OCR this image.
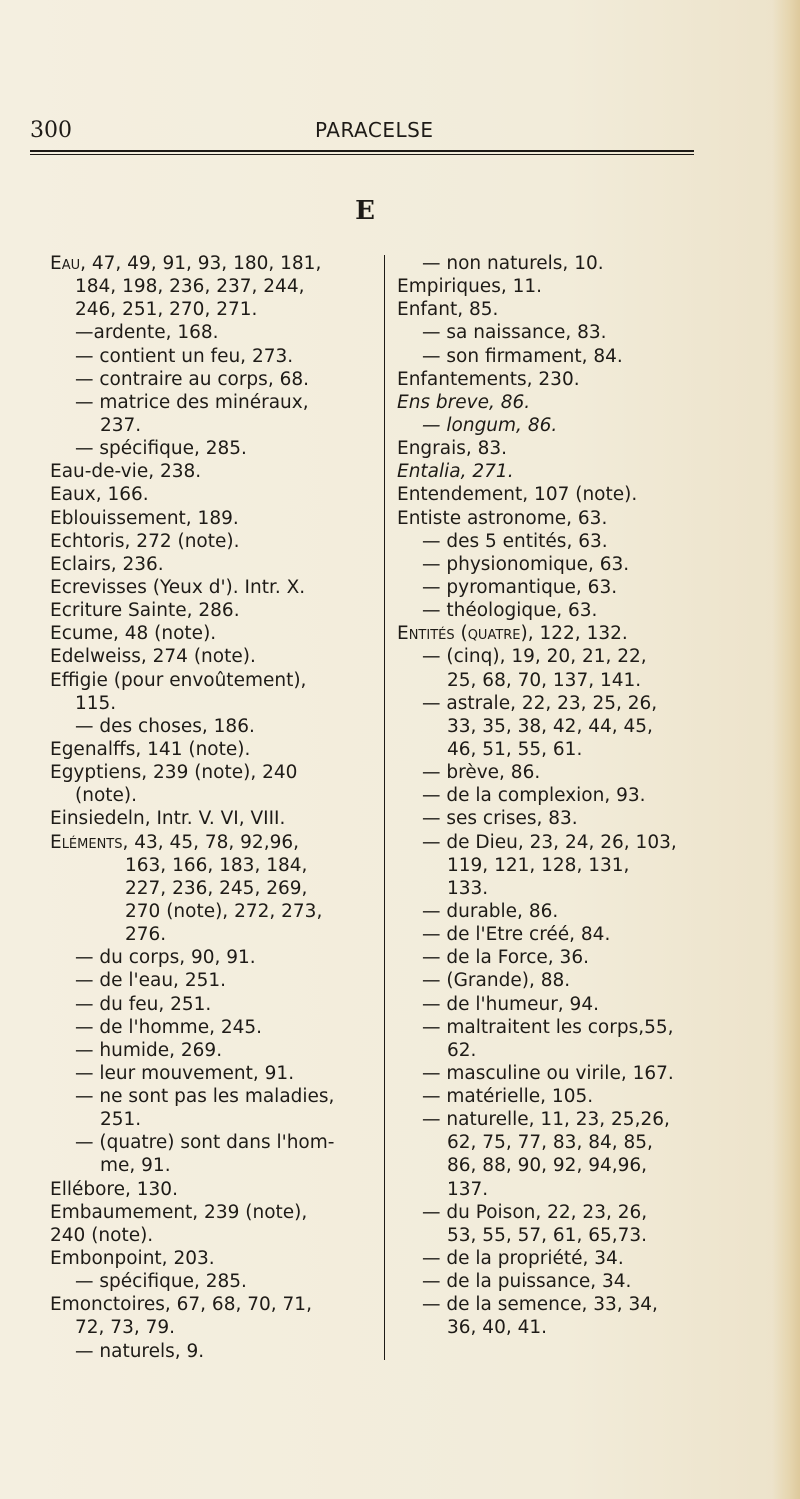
300	PARACELSE
E
Eau, 47, 49, 91, 93, 180, 181,
184, 198, 236, 237, 244,
246, 251, 270, 271.
—ardente, 168.
— contient un feu, 273.
— contraire au corps, 68.
— matrice des minéraux,
237.
— spécifique, 285.
Eau-de-vie, 238.
Eaux, 166.
Eblouissement, 189.
Echtoris, 272 (note).
Eclairs, 236.
Ecrevisses (Yeux d'). Intr. X.
Ecriture Sainte, 286.
Ecume, 48 (note).
Edelweiss, 274 (note).
Effigie (pour envoûtement),
115.
— des choses, 186.
Egenalffs, 141 (note).
Egyptiens, 239 (note), 240
(note).
Einsiedeln, Intr. V. VI, VIII.
Eléments, 43, 45, 78, 92,96,
163, 166, 183, 184,
227, 236, 245, 269,
270 (note), 272, 273,
276.
— du corps, 90, 91.
— de l'eau, 251.
— du feu, 251.
— de l'homme, 245.
— humide, 269.
— leur mouvement, 91.
— ne sont pas les maladies,
251.
— (quatre) sont dans l'hom-
me, 91.
Ellébore, 130.
Embaumement, 239 (note),
240 (note).
Embonpoint, 203.
— spécifique, 285.
Emonctoires, 67, 68, 70, 71,
72, 73, 79.
— naturels, 9.
— non naturels, 10.
Empiriques, 11.
Enfant, 85.
— sa naissance, 83.
— son firmament, 84.
Enfantements, 230.
Ens breve, 86.
— longum, 86.
Engrais, 83.
Entalia, 271.
Entendement, 107 (note).
Entiste astronome, 63.
— des 5 entités, 63.
— physionomique, 63.
— pyromantique, 63.
— théologique, 63.
Entités (quatre), 122, 132.
— (cinq), 19, 20, 21, 22,
25, 68, 70, 137, 141.
— astrale, 22, 23, 25, 26,
33, 35, 38, 42, 44, 45,
46, 51, 55, 61.
— brève, 86.
— de la complexion, 93.
— ses crises, 83.
— de Dieu, 23, 24, 26, 103,
119, 121, 128, 131,
133.
— durable, 86.
— de l'Etre créé, 84.
— de la Force, 36.
— (Grande), 88.
— de l'humeur, 94.
— maltraitent les corps,55,
62.
— masculine ou virile, 167.
— matérielle, 105.
— naturelle, 11, 23, 25,26,
62, 75, 77, 83, 84, 85,
86, 88, 90, 92, 94,96,
137.
— du Poison, 22, 23, 26,
53, 55, 57, 61, 65,73.
— de la propriété, 34.
— de la puissance, 34.
— de la semence, 33, 34,
36, 40, 41.
